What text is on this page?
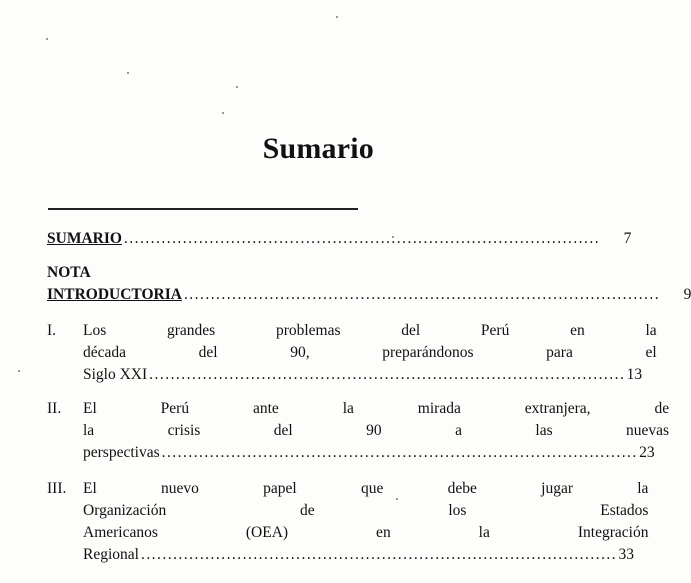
Sumario
SUMARIO . . .	7
NOTA
INTRODUCTORIA . . .	9
I.	Los grandes problemas del Perú en la
década del 90, preparándonos para el
Siglo XXI . . .	13
II.	El Perú ante la mirada extranjera, de
la crisis del 90 a las nuevas
perspectivas . . .	23
III.	El nuevo papel que debe jugar la
Organización de los Estados
Americanos (OEA) en la Integración
Regional . . .	33
